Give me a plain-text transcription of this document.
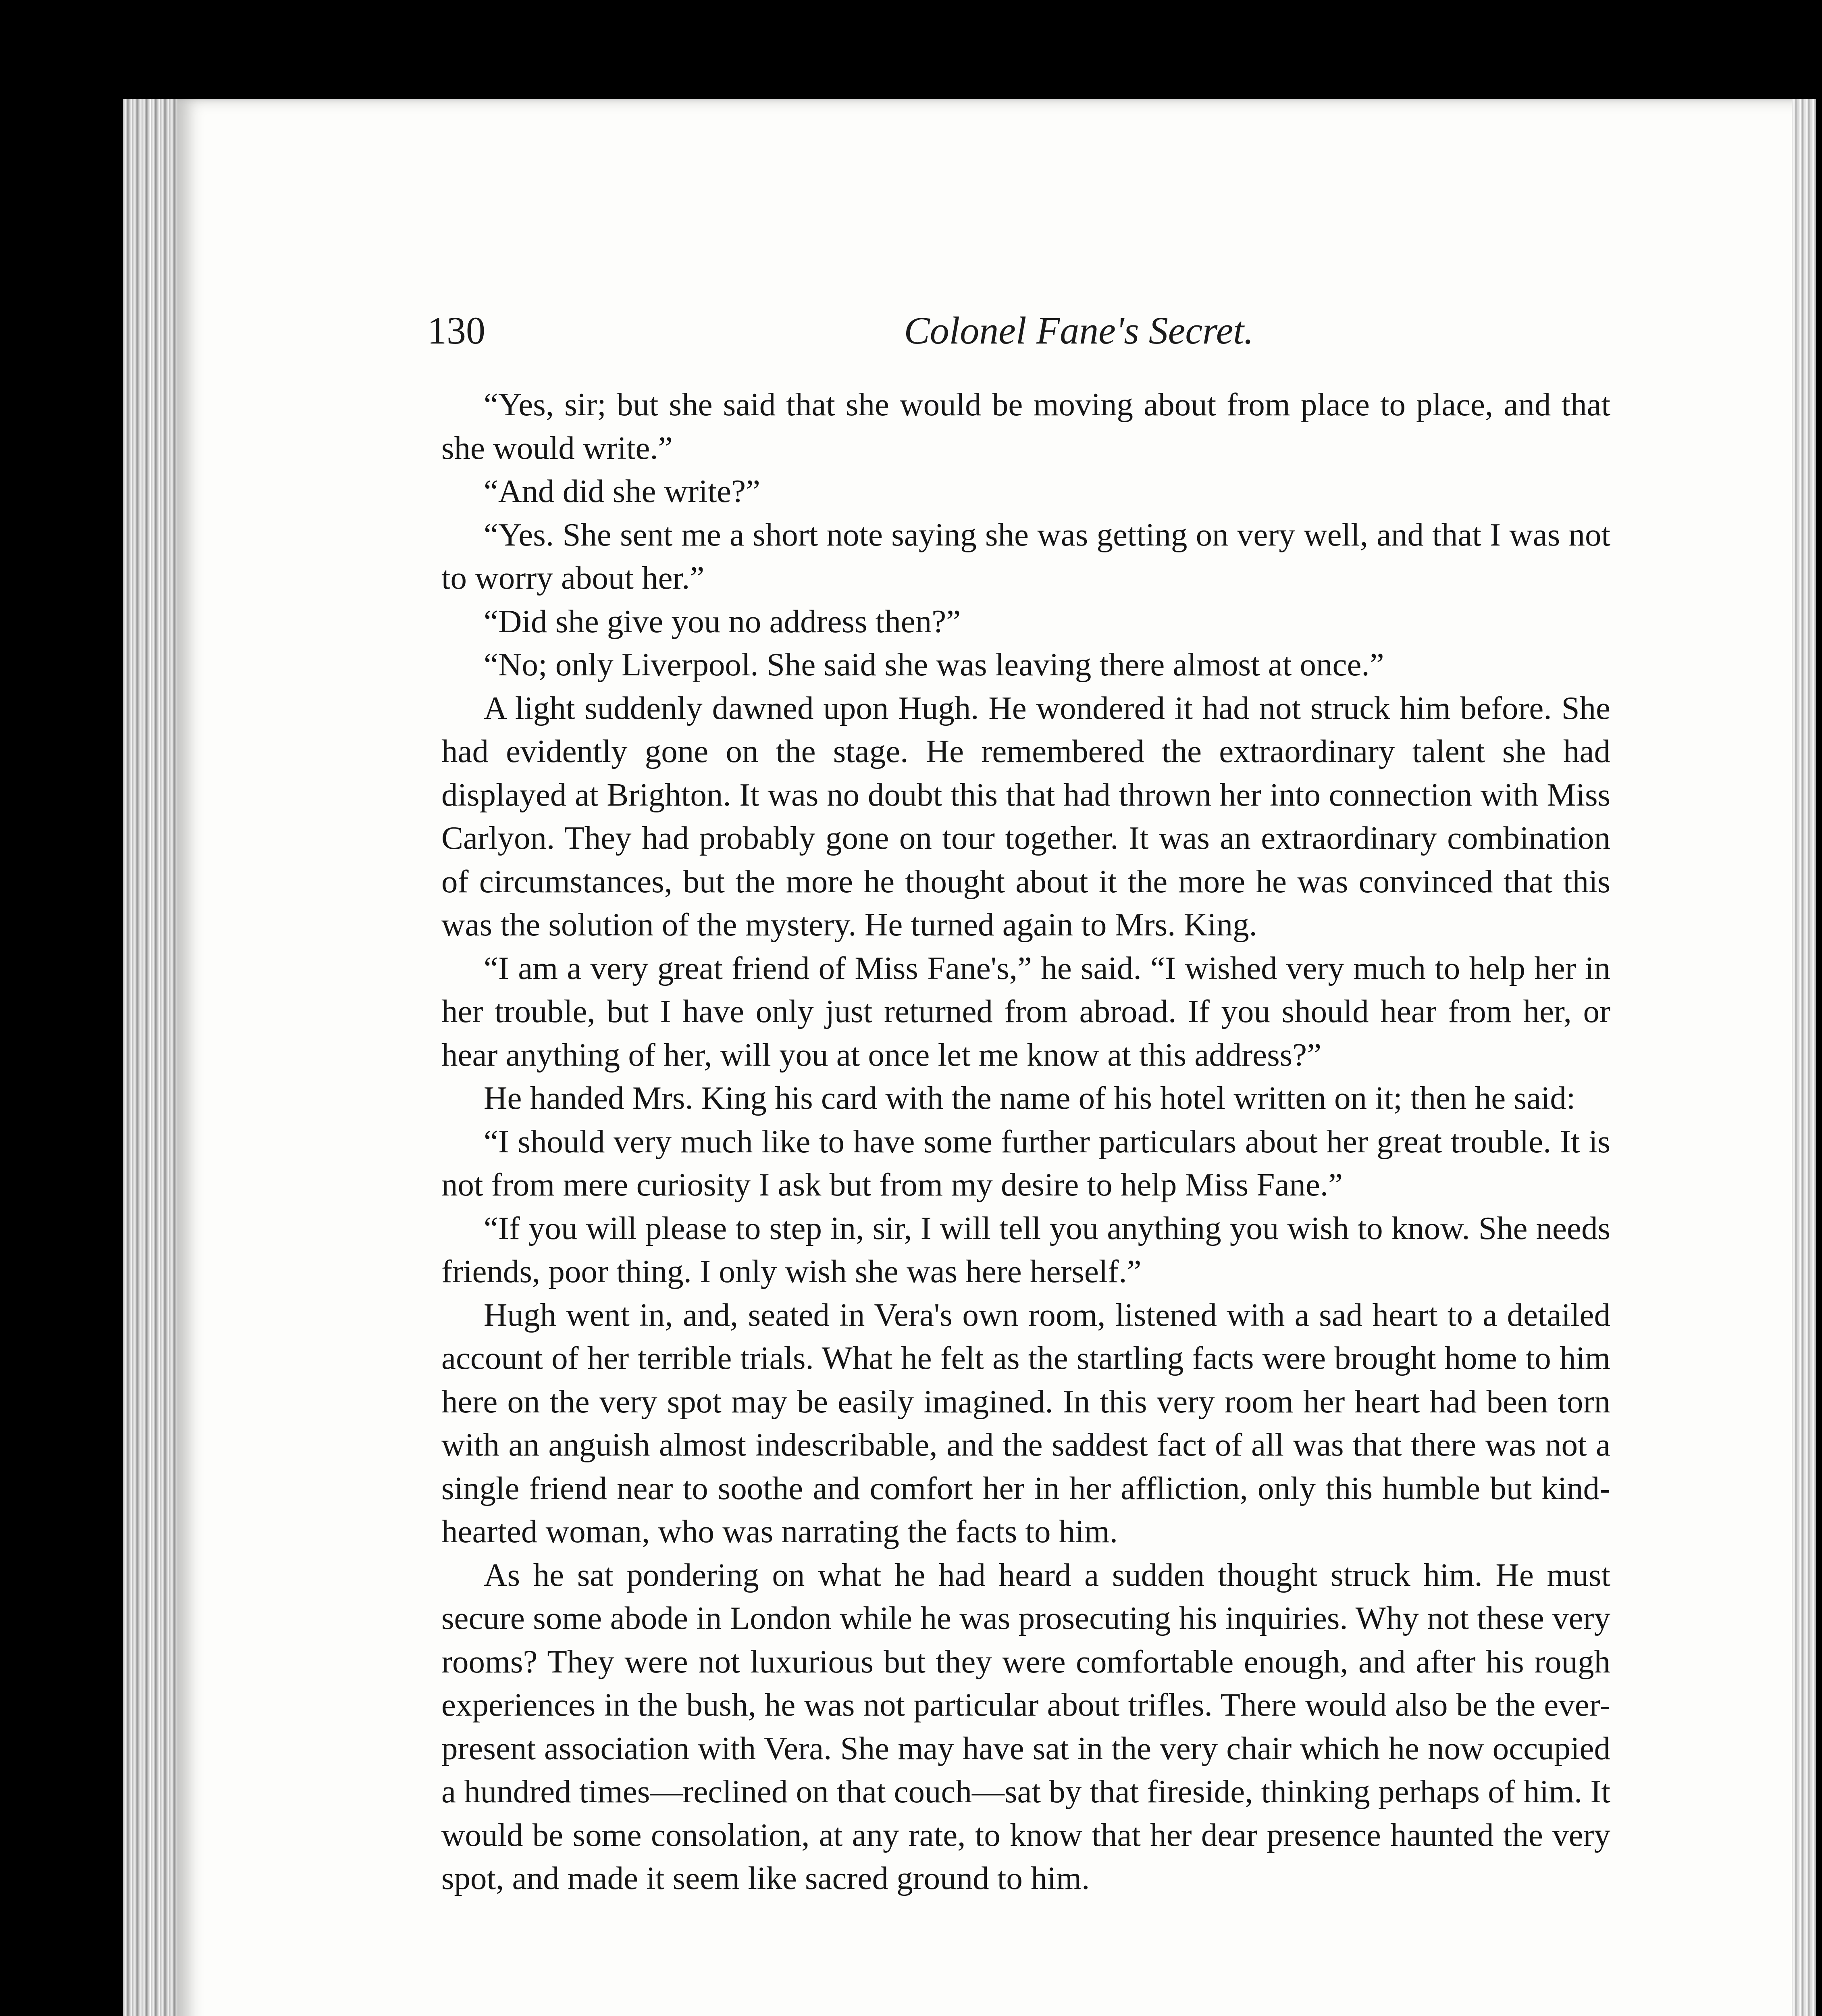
130	Colonel Fane's Secret.

“Yes, sir; but she said that she would be moving about from place to place, and that she would write.”

“And did she write?”

“Yes. She sent me a short note saying she was getting on very well, and that I was not to worry about her.”

“Did she give you no address then?”

“No; only Liverpool. She said she was leaving there almost at once.”

A light suddenly dawned upon Hugh. He wondered it had not struck him before. She had evidently gone on the stage. He remembered the extraordinary talent she had displayed at Brighton. It was no doubt this that had thrown her into connection with Miss Carlyon. They had probably gone on tour together. It was an extraordinary combination of circumstances, but the more he thought about it the more he was convinced that this was the solution of the mystery. He turned again to Mrs. King.

“I am a very great friend of Miss Fane's,” he said. “I wished very much to help her in her trouble, but I have only just returned from abroad. If you should hear from her, or hear anything of her, will you at once let me know at this address?”

He handed Mrs. King his card with the name of his hotel written on it; then he said:

“I should very much like to have some further particulars about her great trouble. It is not from mere curiosity I ask but from my desire to help Miss Fane.”

“If you will please to step in, sir, I will tell you anything you wish to know. She needs friends, poor thing. I only wish she was here herself.”

Hugh went in, and, seated in Vera's own room, listened with a sad heart to a detailed account of her terrible trials. What he felt as the startling facts were brought home to him here on the very spot may be easily imagined. In this very room her heart had been torn with an anguish almost indescribable, and the saddest fact of all was that there was not a single friend near to soothe and comfort her in her affliction, only this humble but kind-hearted woman, who was narrating the facts to him.

As he sat pondering on what he had heard a sudden thought struck him. He must secure some abode in London while he was prosecuting his inquiries. Why not these very rooms? They were not luxurious but they were comfortable enough, and after his rough experiences in the bush, he was not particular about trifles. There would also be the ever-present association with Vera. She may have sat in the very chair which he now occupied a hundred times—reclined on that couch—sat by that fireside, thinking perhaps of him. It would be some consolation, at any rate, to know that her dear presence haunted the very spot, and made it seem like sacred ground to him.
